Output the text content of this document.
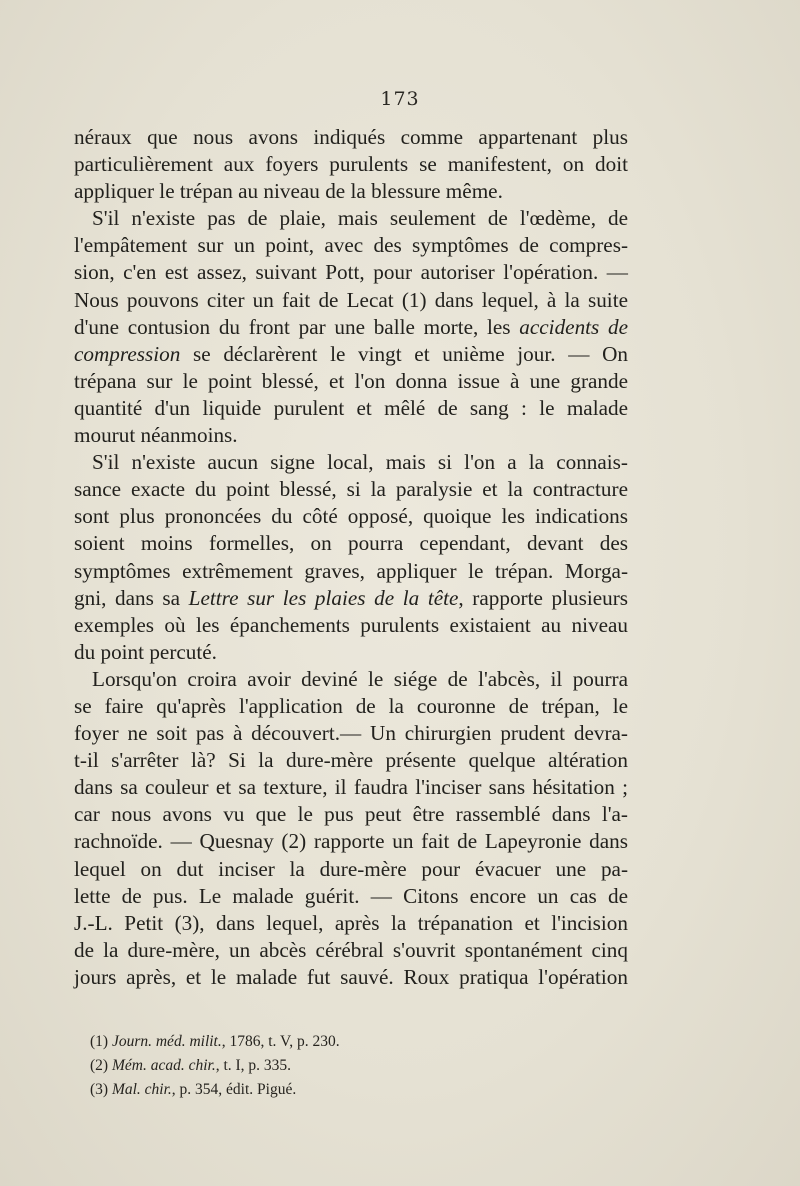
173
néraux que nous avons indiqués comme appartenant plus
particulièrement aux foyers purulents se manifestent, on doit
appliquer le trépan au niveau de la blessure même.
S'il n'existe pas de plaie, mais seulement de l'œdème, de
l'empâtement sur un point, avec des symptômes de compres-
sion, c'en est assez, suivant Pott, pour autoriser l'opération. —
Nous pouvons citer un fait de Lecat (1) dans lequel, à la suite
d'une contusion du front par une balle morte, les accidents de
compression se déclarèrent le vingt et unième jour. — On
trépana sur le point blessé, et l'on donna issue à une grande
quantité d'un liquide purulent et mêlé de sang : le malade
mourut néanmoins.
S'il n'existe aucun signe local, mais si l'on a la connais-
sance exacte du point blessé, si la paralysie et la contracture
sont plus prononcées du côté opposé, quoique les indications
soient moins formelles, on pourra cependant, devant des
symptômes extrêmement graves, appliquer le trépan. Morga-
gni, dans sa Lettre sur les plaies de la tête, rapporte plusieurs
exemples où les épanchements purulents existaient au niveau
du point percuté.
Lorsqu'on croira avoir deviné le siége de l'abcès, il pourra
se faire qu'après l'application de la couronne de trépan, le
foyer ne soit pas à découvert.— Un chirurgien prudent devra-
t-il s'arrêter là? Si la dure-mère présente quelque altération
dans sa couleur et sa texture, il faudra l'inciser sans hésitation ;
car nous avons vu que le pus peut être rassemblé dans l'a-
rachnoïde. — Quesnay (2) rapporte un fait de Lapeyronie dans
lequel on dut inciser la dure-mère pour évacuer une pa-
lette de pus. Le malade guérit. — Citons encore un cas de
J.-L. Petit (3), dans lequel, après la trépanation et l'incision
de la dure-mère, un abcès cérébral s'ouvrit spontanément cinq
jours après, et le malade fut sauvé. Roux pratiqua l'opération
(1) Journ. méd. milit., 1786, t. V, p. 230.
(2) Mém. acad. chir., t. I, p. 335.
(3) Mal. chir., p. 354, édit. Pigué.
